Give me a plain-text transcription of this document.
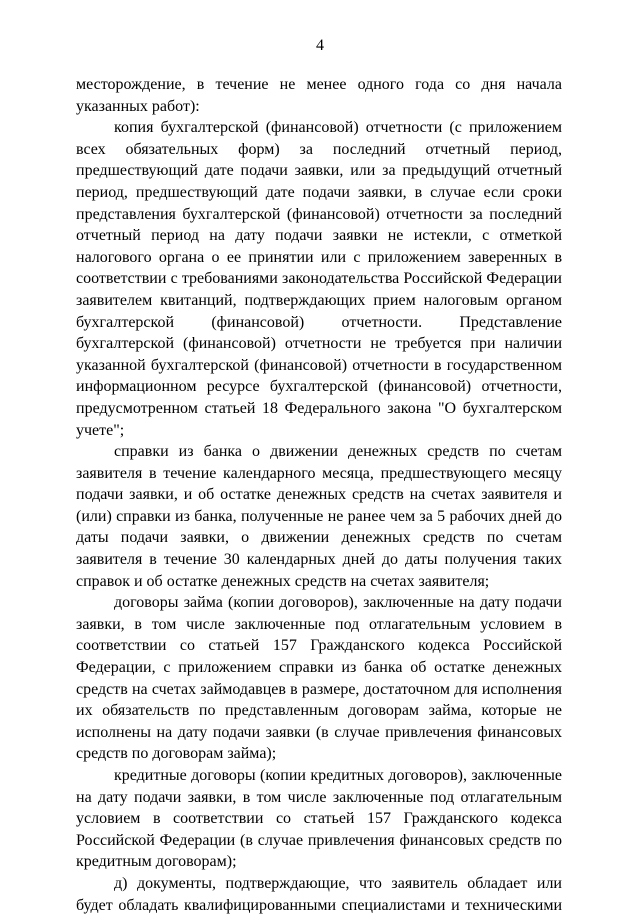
4

месторождение, в течение не менее одного года со дня начала указанных работ):

копия бухгалтерской (финансовой) отчетности (с приложением всех обязательных форм) за последний отчетный период, предшествующий дате подачи заявки, или за предыдущий отчетный период, предшествующий дате подачи заявки, в случае если сроки представления бухгалтерской (финансовой) отчетности за последний отчетный период на дату подачи заявки не истекли, с отметкой налогового органа о ее принятии или с приложением заверенных в соответствии с требованиями законодательства Российской Федерации заявителем квитанций, подтверждающих прием налоговым органом бухгалтерской (финансовой) отчетности. Представление бухгалтерской (финансовой) отчетности не требуется при наличии указанной бухгалтерской (финансовой) отчетности в государственном информационном ресурсе бухгалтерской (финансовой) отчетности, предусмотренном статьей 18 Федерального закона "О бухгалтерском учете";

справки из банка о движении денежных средств по счетам заявителя в течение календарного месяца, предшествующего месяцу подачи заявки, и об остатке денежных средств на счетах заявителя и (или) справки из банка, полученные не ранее чем за 5 рабочих дней до даты подачи заявки, о движении денежных средств по счетам заявителя в течение 30 календарных дней до даты получения таких справок и об остатке денежных средств на счетах заявителя;

договоры займа (копии договоров), заключенные на дату подачи заявки, в том числе заключенные под отлагательным условием в соответствии со статьей 157 Гражданского кодекса Российской Федерации, с приложением справки из банка об остатке денежных средств на счетах займодавцев в размере, достаточном для исполнения их обязательств по представленным договорам займа, которые не исполнены на дату подачи заявки (в случае привлечения финансовых средств по договорам займа);

кредитные договоры (копии кредитных договоров), заключенные на дату подачи заявки, в том числе заключенные под отлагательным условием в соответствии со статьей 157 Гражданского кодекса Российской Федерации (в случае привлечения финансовых средств по кредитным договорам);

д) документы, подтверждающие, что заявитель обладает или будет обладать квалифицированными специалистами и техническими
